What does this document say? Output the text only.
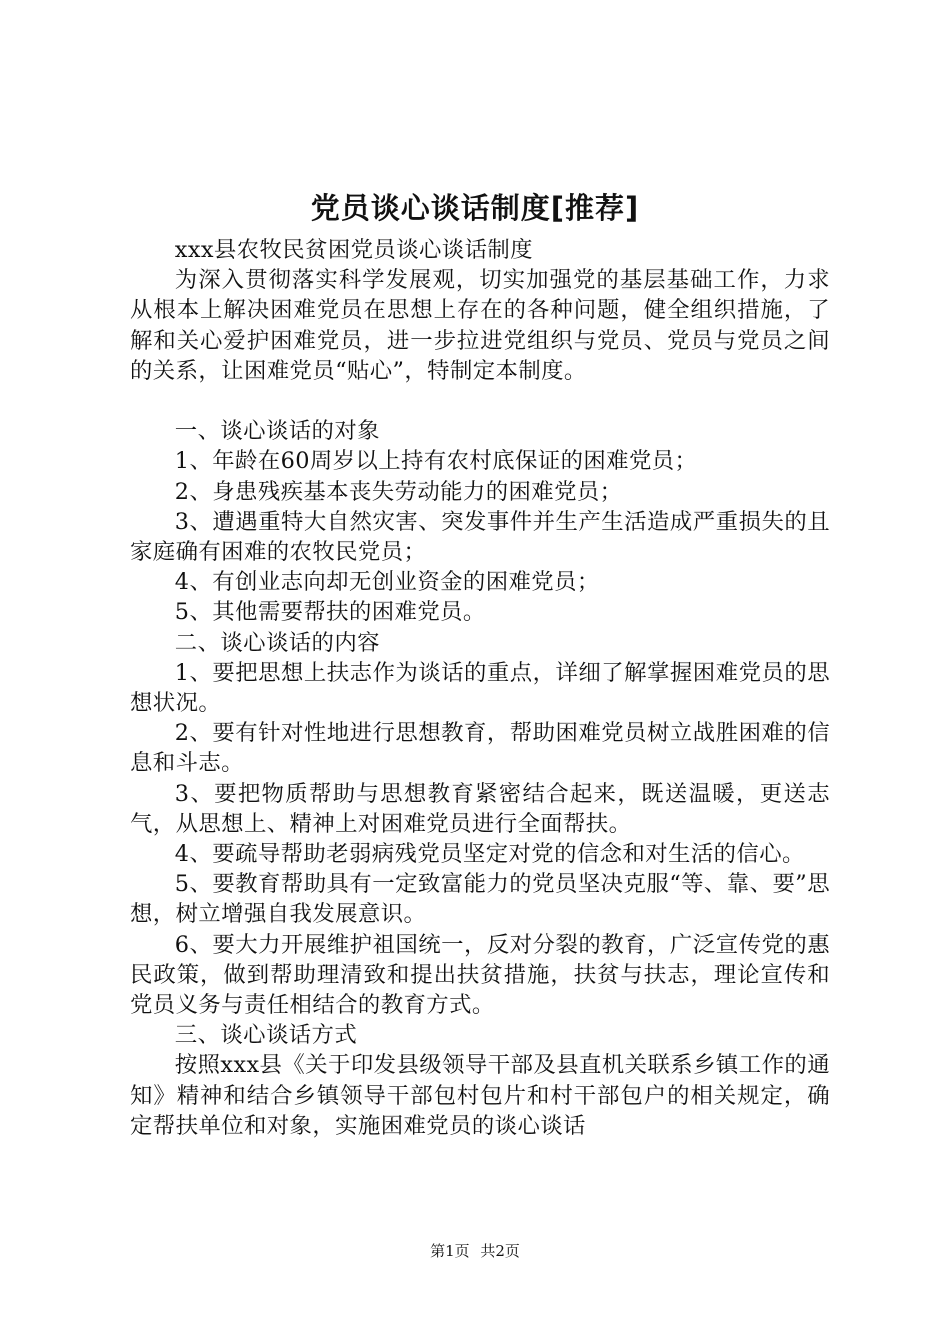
党员谈心谈话制度[推荐]

xxx县农牧民贫困党员谈心谈话制度

为深入贯彻落实科学发展观，切实加强党的基层基础工作，力求从根本上解决困难党员在思想上存在的各种问题，健全组织措施，了解和关心爱护困难党员，进一步拉进党组织与党员、党员与党员之间的关系，让困难党员“贴心”，特制定本制度。

一、谈心谈话的对象

1、年龄在60周岁以上持有农村底保证的困难党员；

2、身患残疾基本丧失劳动能力的困难党员；

3、遭遇重特大自然灾害、突发事件并生产生活造成严重损失的且家庭确有困难的农牧民党员；

4、有创业志向却无创业资金的困难党员；

5、其他需要帮扶的困难党员。

二、谈心谈话的内容

1、要把思想上扶志作为谈话的重点，详细了解掌握困难党员的思想状况。

2、要有针对性地进行思想教育，帮助困难党员树立战胜困难的信息和斗志。

3、要把物质帮助与思想教育紧密结合起来，既送温暖，更送志气，从思想上、精神上对困难党员进行全面帮扶。

4、要疏导帮助老弱病残党员坚定对党的信念和对生活的信心。

5、要教育帮助具有一定致富能力的党员坚决克服“等、靠、要”思想，树立增强自我发展意识。

6、要大力开展维护祖国统一，反对分裂的教育，广泛宣传党的惠民政策，做到帮助理清致和提出扶贫措施，扶贫与扶志，理论宣传和党员义务与责任相结合的教育方式。

三、谈心谈话方式

按照xxx县《关于印发县级领导干部及县直机关联系乡镇工作的通知》精神和结合乡镇领导干部包村包片和村干部包户的相关规定，确定帮扶单位和对象，实施困难党员的谈心谈话

第1页 共2页
